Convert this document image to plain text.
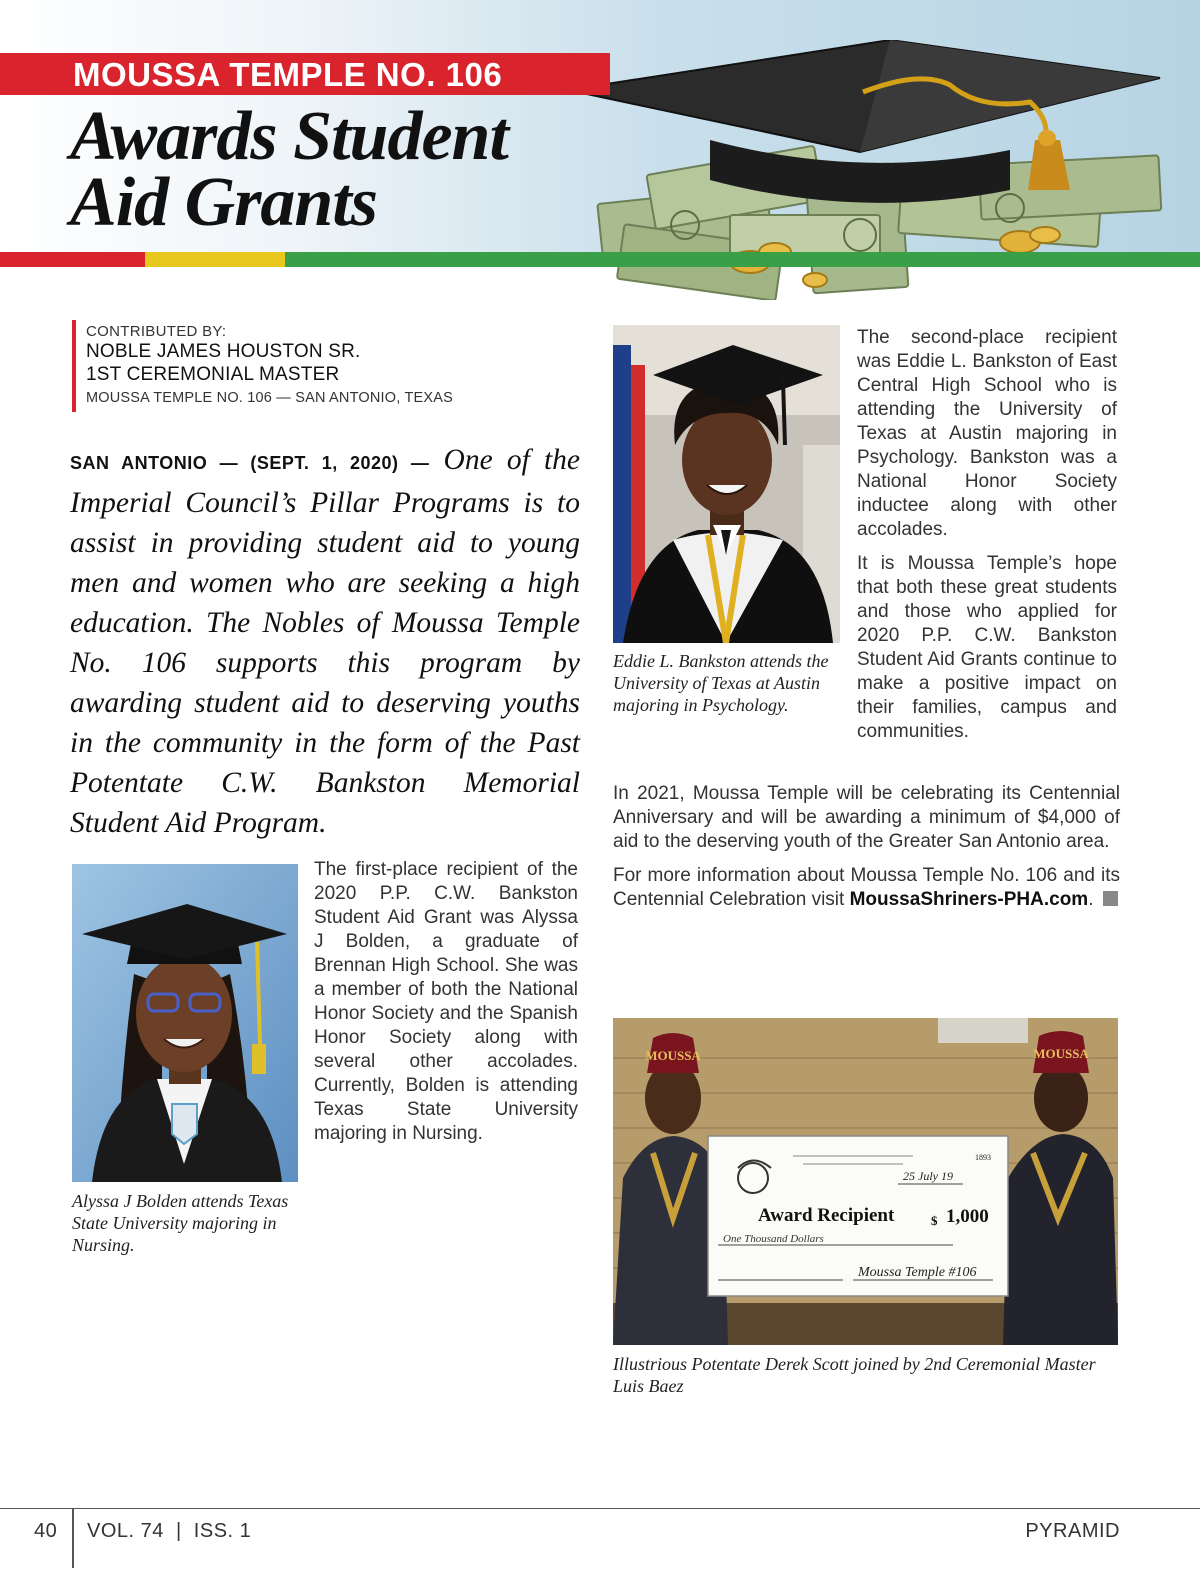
MOUSSA TEMPLE NO. 106
Awards Student
Aid Grants
CONTRIBUTED BY:
NOBLE JAMES HOUSTON SR.
1ST CEREMONIAL MASTER
MOUSSA TEMPLE NO. 106 — SAN ANTONIO, TEXAS

SAN ANTONIO — (SEPT. 1, 2020) — One of the Imperial Council’s Pillar Programs is to assist in providing student aid to young men and women who are seeking a high education. The Nobles of Moussa Temple No. 106 supports this program by awarding student aid to deserving youths in the community in the form of the Past Potentate C.W. Bankston Memorial Student Aid Program.

Alyssa J Bolden attends Texas State University majoring in Nursing.
The first-place recipient of the 2020 P.P. C.W. Bankston Student Aid Grant was Alyssa J Bolden, a graduate of Brennan High School. She was a member of both the National Honor Society and the Spanish Honor Society along with several other accolades. Currently, Bolden is attending Texas State University majoring in Nursing.
Eddie L. Bankston attends the University of Texas at Austin majoring in Psychology.

The second-place recipient was Eddie L. Bankston of East Central High School who is attending the University of Texas at Austin majoring in Psychology. Bankston was a National Honor Society inductee along with other accolades.

It is Moussa Temple’s hope that both these great students and those who applied for 2020 P.P. C.W. Bankston Student Aid Grants continue to make a positive impact on their families, campus and communities.

In 2021, Moussa Temple will be celebrating its Centennial Anniversary and will be awarding a minimum of $4,000 of aid to the deserving youth of the Greater San Antonio area.

For more information about Moussa Temple No. 106 and its Centennial Celebration visit MoussaShriners-PHA.com.

MOUSSA	MOUSSA
1893
25 July 19
Award Recipient	$ 1,000
One Thousand Dollars
Moussa Temple #106
Illustrious Potentate Derek Scott joined by 2nd Ceremonial Master Luis Baez
40 VOL. 74  |  ISS. 1	PYRAMID
